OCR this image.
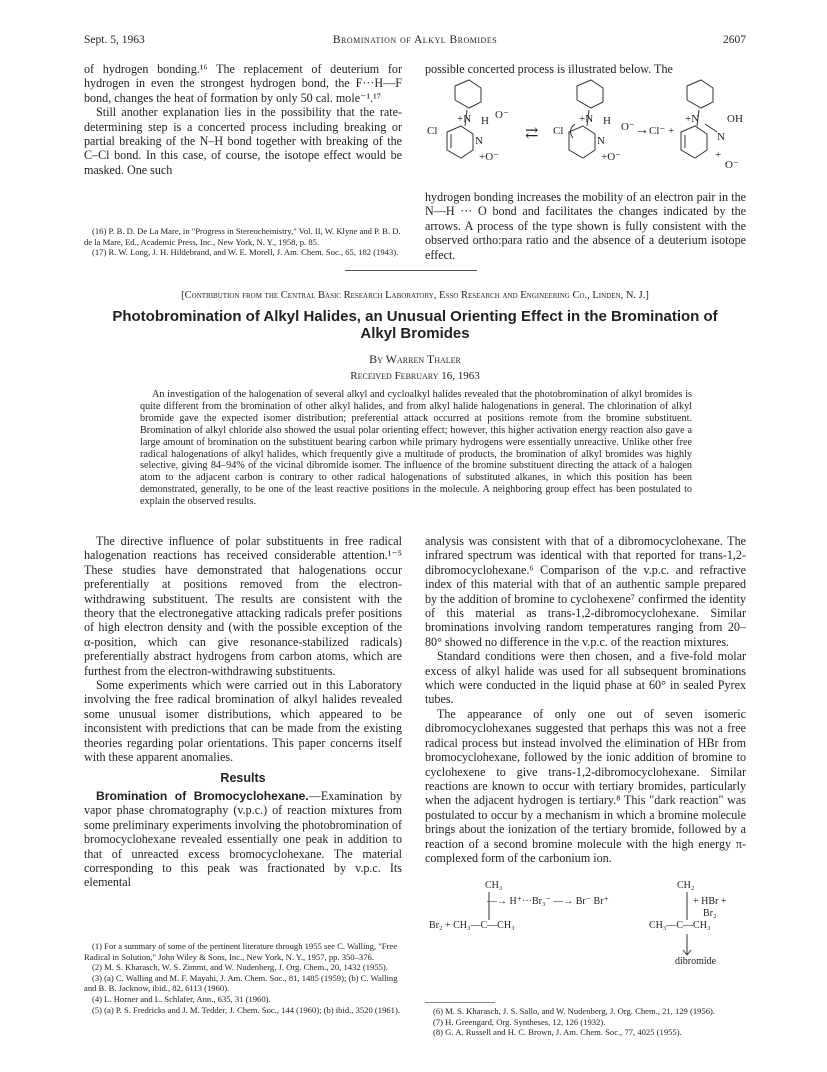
Sept. 5, 1963	Bromination of Alkyl Bromides	2607

of hydrogen bonding.¹⁶ The replacement of deuterium for hydrogen in even the strongest hydrogen bond, the F···H—F bond, changes the heat of formation by only 50 cal. mole⁻¹.¹⁷

Still another explanation lies in the possibility that the rate-determining step is a concerted process including breaking or partial breaking of the N–H bond together with breaking of the C–Cl bond. In this case, of course, the isotope effect would be masked. One such

(16) P. B. D. De La Mare, in "Progress in Stereochemistry," Vol. II, W. Klyne and P. B. D. de la Mare, Ed., Academic Press, Inc., New York, N. Y., 1958, p. 85.

(17) R. W. Long, J. H. Hildebrand, and W. E. Morell, J. Am. Chem. Soc., 65, 182 (1943).

possible concerted process is illustrated below. The

Cl
+N H O⁻
N
+O⁻
⇄ Cl
+N H O⁻
N
+O⁻
→ Cl⁻ +
+N	OH
N
+
O⁻

hydrogen bonding increases the mobility of an electron pair in the N—H ··· O bond and facilitates the changes indicated by the arrows. A process of the type shown is fully consistent with the observed ortho:para ratio and the absence of a deuterium isotope effect.

[Contribution from the Central Basic Research Laboratory, Esso Research and Engineering Co., Linden, N. J.]
Photobromination of Alkyl Halides, an Unusual Orienting Effect in the Bromination of Alkyl Bromides
By Warren Thaler
Received February 16, 1963

An investigation of the halogenation of several alkyl and cycloalkyl halides revealed that the photobromination of alkyl bromides is quite different from the bromination of other alkyl halides, and from alkyl halide halogenations in general. The chlorination of alkyl bromide gave the expected isomer distribution; preferential attack occurred at positions remote from the bromine substituent. Bromination of alkyl chloride also showed the usual polar orienting effect; however, this higher activation energy reaction also gave a large amount of bromination on the substituent bearing carbon while primary hydrogens were essentially unreactive. Unlike other free radical halogenations of alkyl halides, which frequently give a multitude of products, the bromination of alkyl bromides was highly selective, giving 84–94% of the vicinal dibromide isomer. The influence of the bromine substituent directing the attack of a halogen atom to the adjacent carbon is contrary to other radical halogenations of substituted alkanes, in which this position has been demonstrated, generally, to be one of the least reactive positions in the molecule. A neighboring group effect has been postulated to explain the observed results.

The directive influence of polar substituents in free radical halogenation reactions has received considerable attention.¹⁻⁵ These studies have demonstrated that halogenations occur preferentially at positions removed from the electron-withdrawing substituent. The results are consistent with the theory that the electronegative attacking radicals prefer positions of high electron density and (with the possible exception of the α-position, which can give resonance-stabilized radicals) preferentially abstract hydrogens from carbon atoms, which are furthest from the electron-withdrawing substituents.

Some experiments which were carried out in this Laboratory involving the free radical bromination of alkyl halides revealed some unusual isomer distributions, which appeared to be inconsistent with predictions that can be made from the existing theories regarding polar orientations. This paper concerns itself with these apparent anomalies.

Results

Bromination of Bromocyclohexane.—Examination by vapor phase chromatography (v.p.c.) of reaction mixtures from some preliminary experiments involving the photobromination of bromocyclohexane revealed essentially one peak in addition to that of unreacted excess bromocyclohexane. The material corresponding to this peak was fractionated by v.p.c. Its elemental

(1) For a summary of some of the pertinent literature through 1955 see C. Walling, "Free Radical in Solution," John Wiley & Sons, Inc., New York, N. Y., 1957, pp. 350–376.

(2) M. S. Kharasch, W. S. Zimmt, and W. Nudenberg, J. Org. Chem., 20, 1432 (1955).

(3) (a) C. Walling and M. F. Mayahi, J. Am. Chem. Soc., 81, 1485 (1959); (b) C. Walling and B. B. Jacknow, ibid., 82, 6113 (1960).

(4) L. Horner and L. Schlafer, Ann., 635, 31 (1960).

(5) (a) P. S. Fredricks and J. M. Tedder, J. Chem. Soc., 144 (1960); (b) ibid., 3520 (1961).

analysis was consistent with that of a dibromocyclohexane. The infrared spectrum was identical with that reported for trans-1,2-dibromocyclohexane.⁶ Comparison of the v.p.c. and refractive index of this material with that of an authentic sample prepared by the addition of bromine to cyclohexene⁷ confirmed the identity of this material as trans-1,2-dibromocyclohexane. Similar brominations involving random temperatures ranging from 20–80° showed no difference in the v.p.c. of the reaction mixtures.

Standard conditions were then chosen, and a five-fold molar excess of alkyl halide was used for all subsequent brominations which were conducted in the liquid phase at 60° in sealed Pyrex tubes.

The appearance of only one out of seven isomeric dibromocyclohexanes suggested that perhaps this was not a free radical process but instead involved the elimination of HBr from bromocyclohexane, followed by the ionic addition of bromine to cyclohexene to give trans-1,2-dibromocyclohexane. Similar reactions are known to occur with tertiary bromides, particularly when the adjacent hydrogen is tertiary.⁸ This "dark reaction" was postulated to occur by a mechanism in which a bromine molecule brings about the ionization of the tertiary bromide, followed by a reaction of a second bromine molecule with the high energy π-complexed form of the carbonium ion.

CH₃	CH₂
—→ H⁺···Br₃⁻ —→ Br⁻ Br⁺	+ HBr +
Br₂
Br₂ + CH₃—C—CH₃	CH₃—C—CH₃
dibromide

(6) M. S. Kharasch, J. S. Sallo, and W. Nudenberg, J. Org. Chem., 21, 129 (1956).

(7) H. Greengard, Org. Syntheses, 12, 126 (1932).

(8) G. A. Russell and H. C. Brown, J. Am. Chem. Soc., 77, 4025 (1955).
